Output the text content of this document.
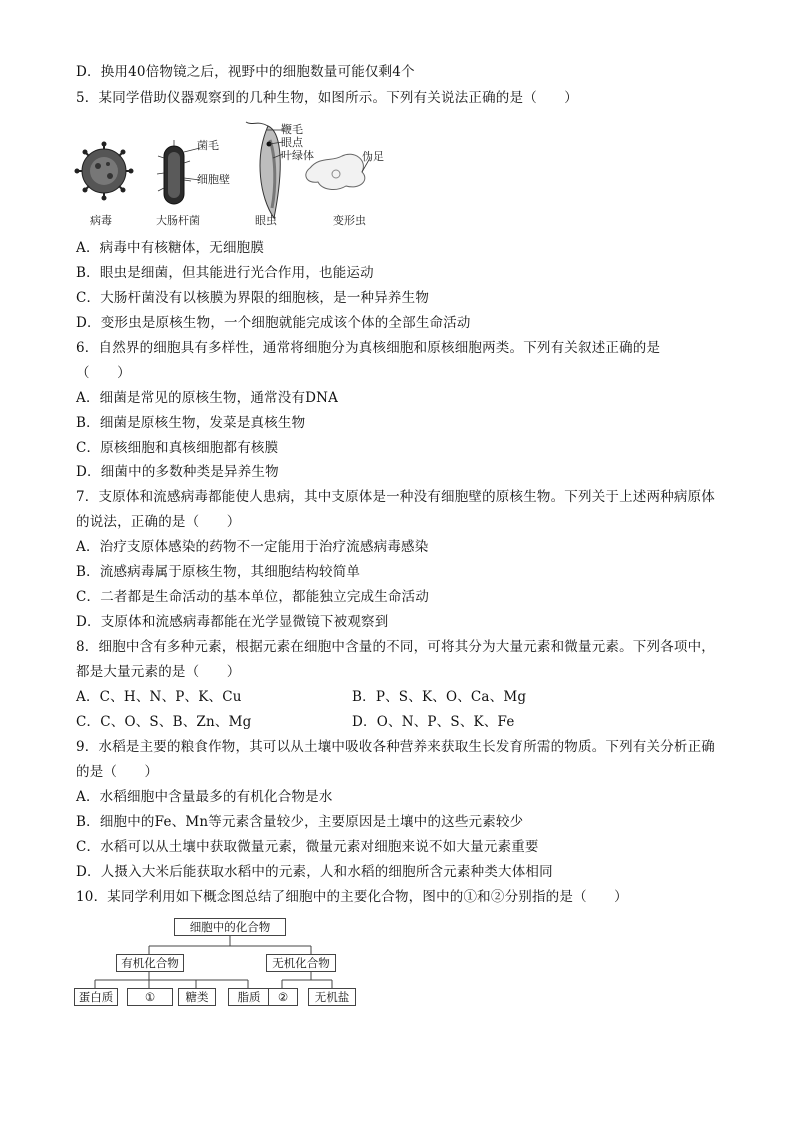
D．换用40倍物镜之后，视野中的细胞数量可能仅剩4个
5．某同学借助仪器观察到的几种生物，如图所示。下列有关说法正确的是（　　）
菌毛
细胞壁
鞭毛
眼点
叶绿体	伪足
病毒	大肠杆菌	眼虫	变形虫
A．病毒中有核糖体，无细胞膜
B．眼虫是细菌，但其能进行光合作用，也能运动
C．大肠杆菌没有以核膜为界限的细胞核，是一种异养生物
D．变形虫是原核生物，一个细胞就能完成该个体的全部生命活动
6．自然界的细胞具有多样性，通常将细胞分为真核细胞和原核细胞两类。下列有关叙述正确的是
（　　）
A．细菌是常见的原核生物，通常没有DNA
B．细菌是原核生物，发菜是真核生物
C．原核细胞和真核细胞都有核膜
D．细菌中的多数种类是异养生物
7．支原体和流感病毒都能使人患病，其中支原体是一种没有细胞壁的原核生物。下列关于上述两种病原体
的说法，正确的是（　　）
A．治疗支原体感染的药物不一定能用于治疗流感病毒感染
B．流感病毒属于原核生物，其细胞结构较简单
C．二者都是生命活动的基本单位，都能独立完成生命活动
D．支原体和流感病毒都能在光学显微镜下被观察到
8．细胞中含有多种元素，根据元素在细胞中含量的不同，可将其分为大量元素和微量元素。下列各项中，
都是大量元素的是（　　）
A．C、H、N、P、K、Cu	B．P、S、K、O、Ca、Mg
C．C、O、S、B、Zn、Mg	D．O、N、P、S、K、Fe
9．水稻是主要的粮食作物，其可以从土壤中吸收各种营养来获取生长发育所需的物质。下列有关分析正确
的是（　　）
A．水稻细胞中含量最多的有机化合物是水
B．细胞中的Fe、Mn等元素含量较少，主要原因是土壤中的这些元素较少
C．水稻可以从土壤中获取微量元素，微量元素对细胞来说不如大量元素重要
D．人摄入大米后能获取水稻中的元素，人和水稻的细胞所含元素种类大体相同
10．某同学利用如下概念图总结了细胞中的主要化合物，图中的①和②分别指的是（　　）
细胞中的化合物
有机化合物	无机化合物
蛋白质	①	糖类	脂质	②	无机盐
